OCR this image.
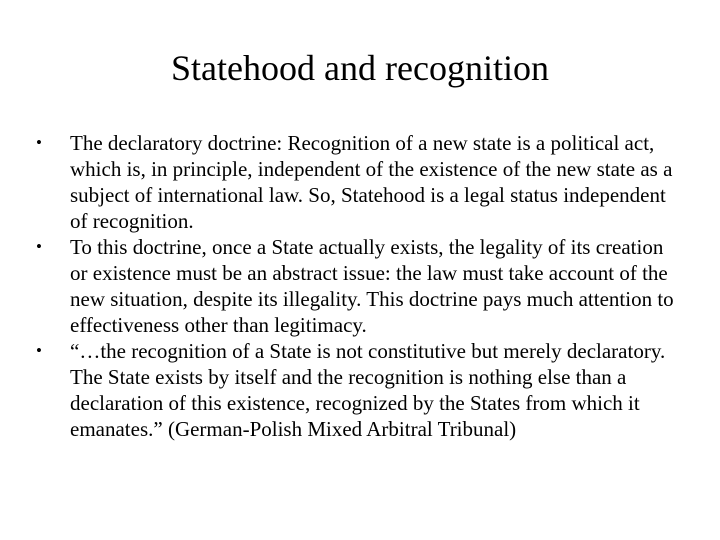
Statehood and recognition
• The declaratory doctrine: Recognition of a new state is a political act, which is, in principle, independent of the existence of the new state as a subject of international law. So, Statehood is a legal status independent of recognition.
• To this doctrine, once a State actually exists, the legality of its creation or existence must be an abstract issue: the law must take account of the new situation, despite its illegality. This doctrine pays much attention to effectiveness other than legitimacy.
• “…the recognition of a State is not constitutive but merely declaratory. The State exists by itself and the recognition is nothing else than a declaration of this existence, recognized by the States from which it emanates.” (German-Polish Mixed Arbitral Tribunal)
